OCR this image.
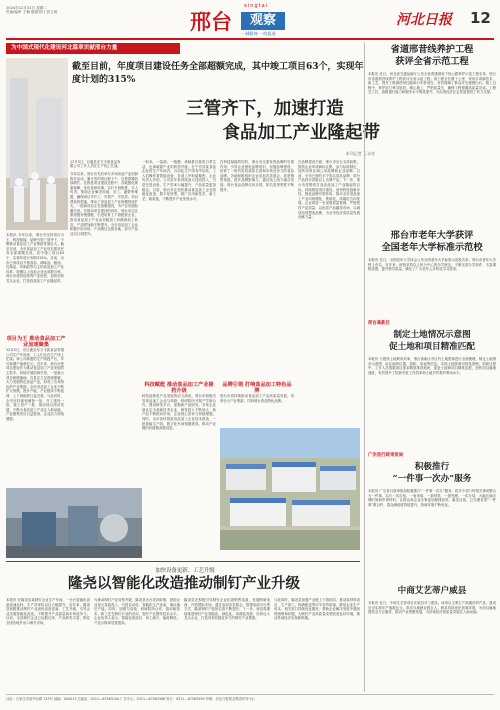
2024年12月31日 星期二
责编/编审 王楠 版面设计 张立琪
xingtai
邢台	观察
一城精神 一线报道
河北日报 12
为中国式现代化建设河北篇章贡献邢台力量
截至目前，年度项目建设任务全部超额完成，其中竣工项目63个，实现年度计划的315%
三管齐下，加速打造
食品加工产业隆起带
本刊记者 王永亮
12月5日，巨鹿县东方丰凯食品有限公司工作人员在生产线上忙碌。
本报讯 今年以来，邢台市坚持项目为王、科技赋能、品牌引领三管齐下，不断推动食品加工产业集群发展壮大。截至目前，全市食品加工产业项目建设任务全部超额完成，其中竣工项目63个，实现年度计划的315%。目前，全市已形成以方便食品、调味品、粮油、乳制品、肉制品等为主的食品加工产业体系，规模以上食品企业达到数百家。邢台市将持续发挥产业优势，加快培育龙头企业，打造食品加工产业隆起带。
项目为王 推动食品加工产业加速聚集
12月5日，在巨鹿县东方丰凯食品有限公司生产车间里，工人们正在生产线上忙碌。该公司新建的生产线投产后，年可新增产值数亿元。近年来，邢台市把项目建设作为推动食品加工产业发展的主抓手，持续开展招商引资，一批重大项目相继落地。各县区立足资源禀赋，大力发展特色食品产业，形成了各具特色的产业集群。全市食品加工企业不断扩大规模，提升产能，产业链条不断延伸，上下游配套日益完善。与此同时，全市坚持谋划储备一批、开工建设一批、竣工投产一批，推动项目滚动发展，不断为食品加工产业注入新动能，产业聚集效应日益显现，企业活力持续增强。
今年以来，邢台市先后举办多场食品产业招商推介活动，累计签约项目数十个，总投资额持续增长。在推进项目建设过程中，各地强化要素保障，优化营商环境，实行专班推进、专人负责，帮助企业解决用地、用工、融资等难题，确保项目早开工、早投产、早见效。项目建设的提速，带动了食品加工产业规模持续扩大，一批新项目正在加紧建设，为产业发展积蓄后劲。在推动项目建设的同时，邢台市还注重延链补链强链，引进培育上下游配套企业，推动食品加工产业由初级加工向精深加工转变，产品附加值不断提升。全市食品加工企业积极开拓市场，产品销往全国各地，部分产品还出口到国外。
一粒米、一袋面、一瓶酱，承载着百姓的日常生活，也承载着产业的转型升级。在宁晋县某食品企业的生产车间内，自动化生产线有序运转，工人们操作着智能设备，各道工序衔接紧密。企业负责人介绍，公司近年来持续加大技改投入，引进先进设备，生产效率大幅提升，产品质量更加稳定。目前，邢台市正加快推动食品加工企业智能化改造、数字化转型，推广应用新技术、新工艺、新装备，不断提升产业发展水平。
科技赋能 推动食品加工产业提档升级
科技创新是产业发展的动力源泉。邢台市积极引导食品加工企业与高校、科研院所开展产学研合作，建设研发平台，加强新产品研发。多家企业被认定为高新技术企业，研发投入不断加大，新产品不断推向市场，企业核心竞争力持续增强。同时，全市加快推进食品加工企业技术改造，一批智能生产线、数字化车间相继建成，推动产业链向价值链高端迈进。
在科技赋能的同时，邢台市注重发挥品牌的引领作用，引导企业强化品牌意识，加强品牌建设，培育了一批具有较高知名度和市场竞争力的食品品牌。各地积极组织企业参加各类展会，拓宽销售渠道，提升品牌影响力。通过线上线下融合发展，邢台食品品牌走向全国，知名度美誉度不断提升。
品牌引领 打响食品加工特色品牌
邢台市将持续推动食品加工产业高质量发展，培育壮大产业集群，打响邢台食品特色品牌。
在品牌建设方面，邢台市出台支持政策，鼓励企业申请商标注册、参与标准制定，加快培育区域公用品牌和企业品牌。目前，全市已拥有多个知名食品品牌，部分产品获评省级以上名牌产品。下一步，邢台市将围绕打造食品加工产业隆起带目标，持续推进项目建设，加快科技创新步伐，强化品牌引领作用，推动全市食品加工产业向规模化、集群化、高端化方向发展。企业将进一步加强质量管理，严格把控产品质量，以优质产品赢得市场，以诚信经营塑造品牌，为全市经济高质量发展贡献力量。
省道邢昔线养护工程
获评全省示范工程
本报讯 近日，河北省交通运输厅公布全省普通国省干线公路养护示范工程名单，邢台市省道邢昔线养护工程获评全省示范工程。该工程全长数十公里，采用多项新技术、新工艺，提升了路面使用性能和行车舒适性，有效保障了群众安全便捷出行。施工过程中，养护部门科学组织、精心施工，严把质量关，确保工程按期高质量完成。工程完工后，道路通行能力和服务水平明显提升，为沿线经济社会发展提供了有力支撑。
邢台市老年大学获评
全国老年大学标准示范校
本报讯 近日，全国老年大学协会公布全国老年大学标准示范校名单，邢台市老年大学榜上有名。近年来，该校坚持以人民为中心的办学理念，不断完善办学条件，丰富课程设置，提升教学质量，满足了广大老年人多样化学习需求。
邢台高新区
制定土地情况示意图
促土地和项目精准匹配
本报讯 为提高土地利用效率，邢台高新区对区内土地资源进行全面梳理，制定土地情况示意图，标注地块位置、面积、用途等信息，实现土地资源可视化管理。招商过程中，工作人员根据项目需求精准推荐地块，促进土地和项目精准匹配，加快项目落地速度，有效提升了招商引资工作效率和土地节约集约利用水平。
广宗县行政审批局
积极推行
“一件事一次办”服务
本报讯 广宗县行政审批局积极推行“一件事一次办”服务，将多个部门的相关事项整合为一件事，实行一次告知、一表申请、一套材料、一窗受理、一次办结，大幅压缩办理时间和申请材料，让群众和企业办事更加便捷高效。截至目前，已办理各类“一件事”数百件，群众满意度持续提升，营商环境不断优化。
中商艾艺蒂户威县
本报讯 近日，中商艾艺蒂项目在威县开工建设。该项目主要生产高端纺织产品，建成后可实现年产值数亿元，带动当地就业数百人。威县持续优化营商环境，为项目落地提供全方位服务，推动产业集聚发展，为县域经济高质量发展注入新动能。
加快设备更新、工艺升级
隆尧以智能化改造推动制钉产业升级
本报讯 在隆尧县某制钉企业生产车间，一台台智能化设备高速运转，生产效率较以往大幅提升。近年来，隆尧县积极推动制钉产业加快设备更新、工艺升级，引导企业实施智能化改造，不断提升产品质量和市场竞争力。目前，全县制钉企业已达数百家，产品种类丰富，销往全国各地并出口海外市场。
为推动制钉产业转型升级，隆尧县出台扶持政策，鼓励企业加大技改投入，引进自动化、智能化生产设备，淘汰落后产能。同时，加强与高校、科研院所合作，推动新技术、新工艺在制钉行业的应用，提升产业整体技术水平。企业负责人表示，智能化改造后，用工减少，能耗降低，产品合格率显著提高。
隆尧县还积极引导制钉企业拓展销售渠道，发展跨境电商，开拓国际市场。通过参加各类展会、搭建电商平台等方式，隆尧制钉产品知名度不断提升。下一步，该县将继续推进制钉产业智能化、绿色化、高端化发展，培育壮大龙头企业，打造具有较强竞争力的制钉产业集群。
与此同时，隆尧县加强产业链上下游协同，推动原材料供应、生产加工、物流配送等环节有效衔接，降低企业生产成本。相关部门持续优化服务，帮助企业解决发展中遇到的困难和问题，为制钉产业高质量发展营造良好环境，推动县域经济实现新跨越。
社址：石家庄市裕华东路 133号 邮编：050013 总编室：0311—67563100 广告中心：0311—67563388 发行：0311—67563999 印刷：河北日报报业集团印务中心
